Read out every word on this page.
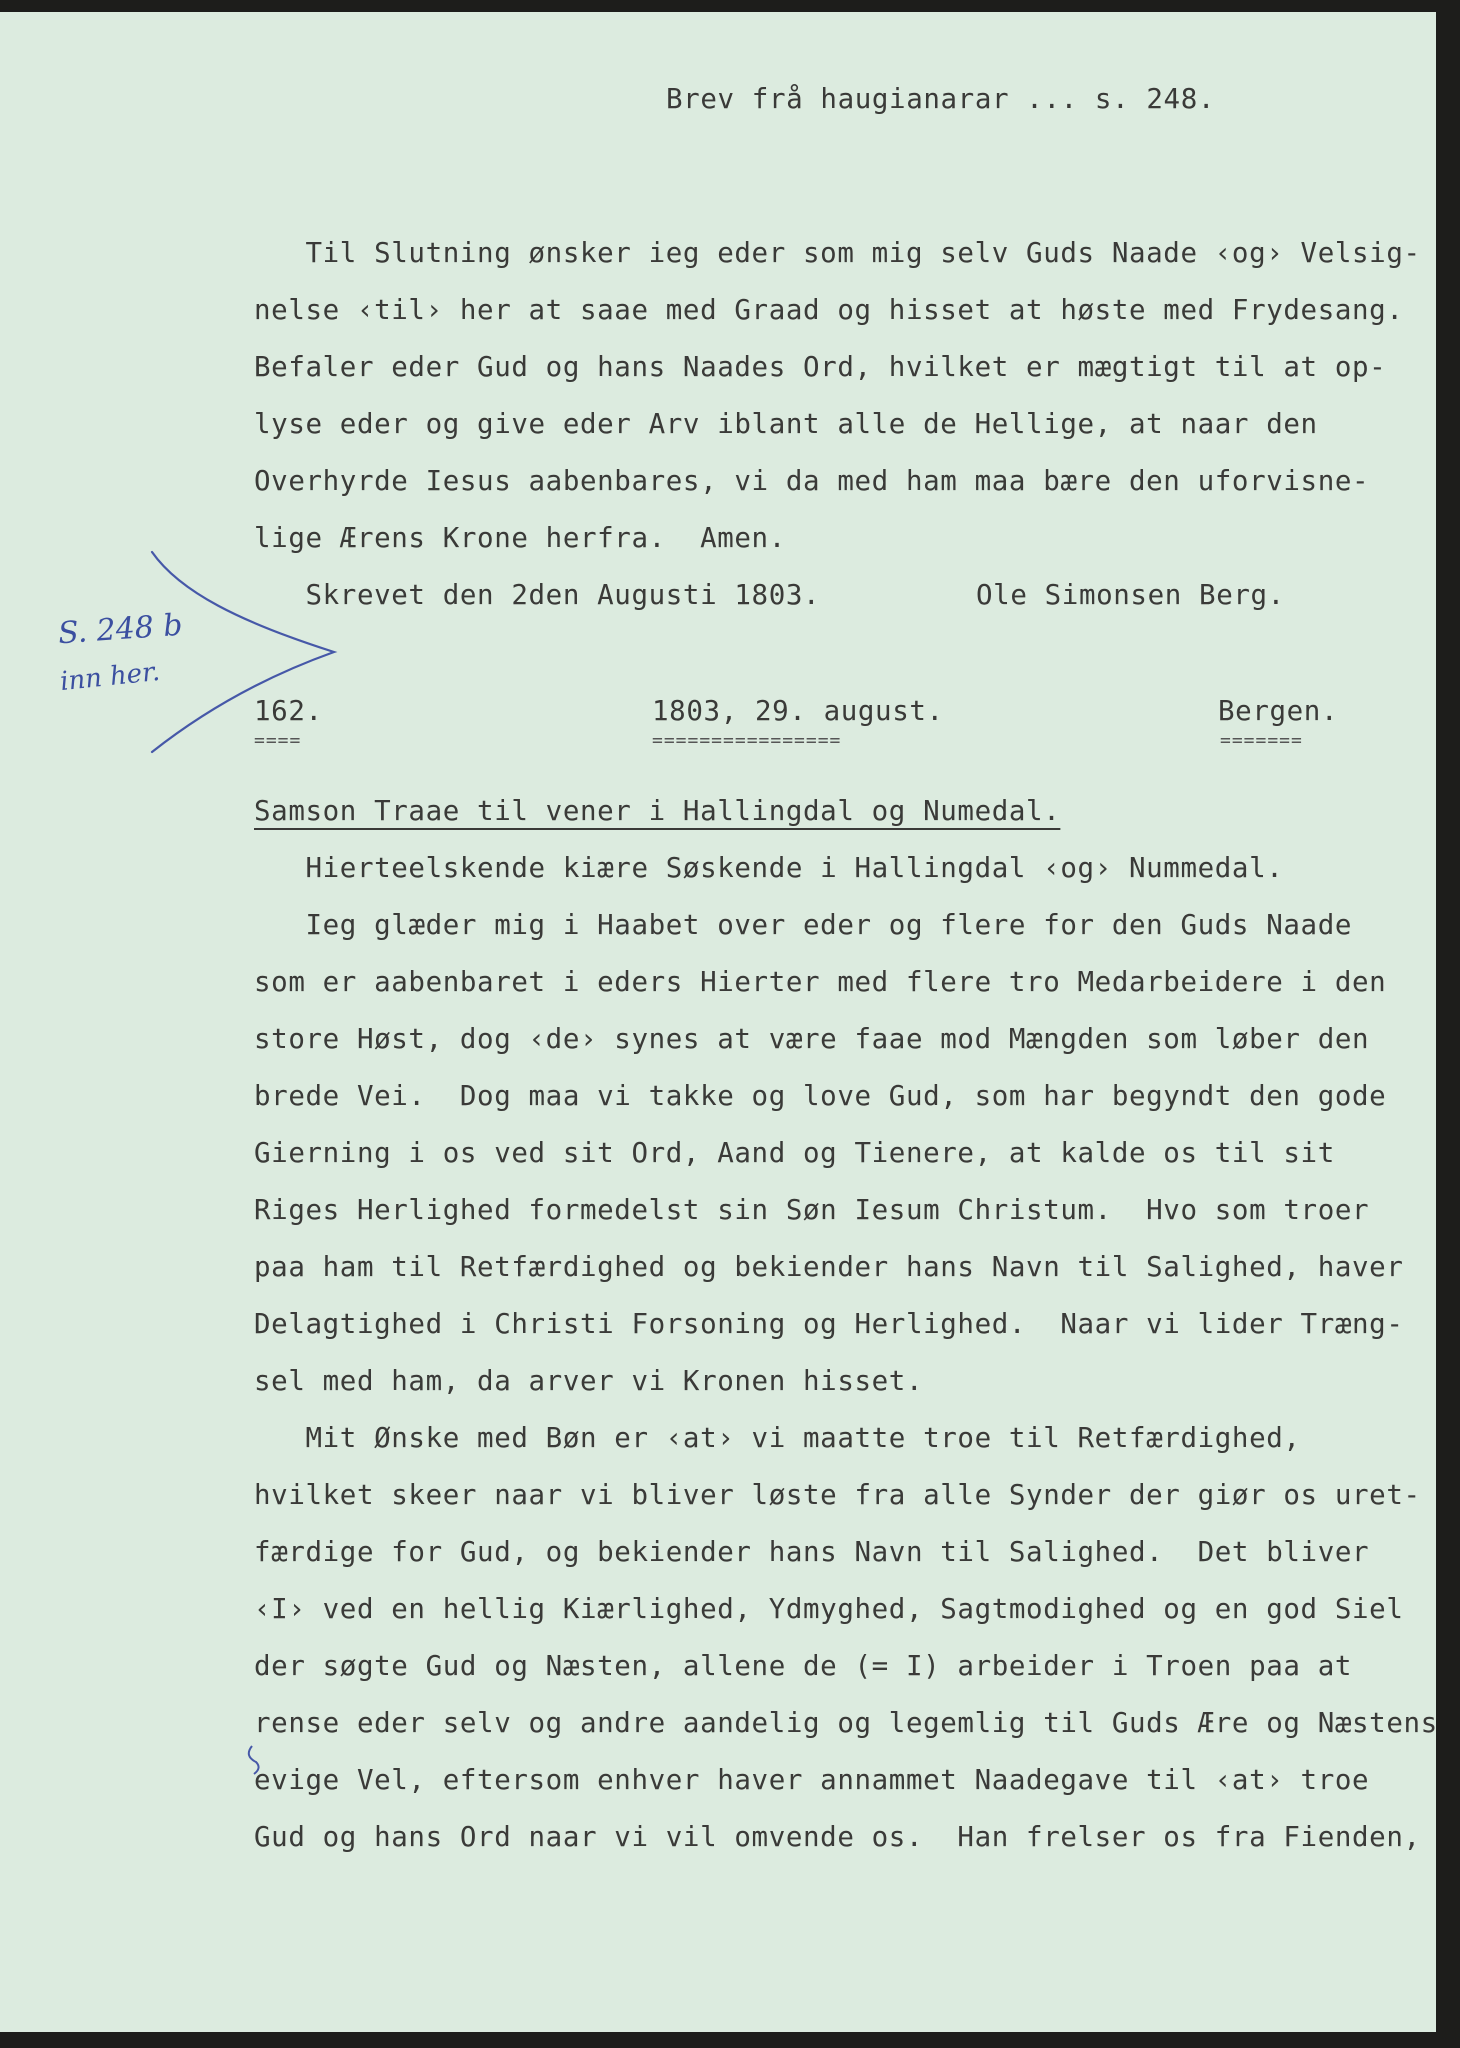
Brev frå haugianarar ... s. 248.
Til Slutning ønsker ieg eder som mig selv Guds Naade ‹og› Velsig-
nelse ‹til› her at saae med Graad og hisset at høste med Frydesang.
Befaler eder Gud og hans Naades Ord, hvilket er mægtigt til at op-
lyse eder og give eder Arv iblant alle de Hellige, at naar den
Overhyrde Iesus aabenbares, vi da med ham maa bære den uforvisne-
lige Ærens Krone herfra.  Amen.
Skrevet den 2den Augusti 1803.	Ole Simonsen Berg.
S. 248 b
inn her.
162.	1803, 29. august.	Bergen.
====	================	=======
Samson Traae til vener i Hallingdal og Numedal.
Hierteelskende kiære Søskende i Hallingdal ‹og› Nummedal.
Ieg glæder mig i Haabet over eder og flere for den Guds Naade
som er aabenbaret i eders Hierter med flere tro Medarbeidere i den
store Høst, dog ‹de› synes at være faae mod Mængden som løber den
brede Vei.  Dog maa vi takke og love Gud, som har begyndt den gode
Gierning i os ved sit Ord, Aand og Tienere, at kalde os til sit
Riges Herlighed formedelst sin Søn Iesum Christum.  Hvo som troer
paa ham til Retfærdighed og bekiender hans Navn til Salighed, haver
Delagtighed i Christi Forsoning og Herlighed.  Naar vi lider Træng-
sel med ham, da arver vi Kronen hisset.
Mit Ønske med Bøn er ‹at› vi maatte troe til Retfærdighed,
hvilket skeer naar vi bliver løste fra alle Synder der giør os uret-
færdige for Gud, og bekiender hans Navn til Salighed.  Det bliver
‹I› ved en hellig Kiærlighed, Ydmyghed, Sagtmodighed og en god Siel
der søgte Gud og Næsten, allene de (= I) arbeider i Troen paa at
rense eder selv og andre aandelig og legemlig til Guds Ære og Næstens
evige Vel, eftersom enhver haver annammet Naadegave til ‹at› troe
Gud og hans Ord naar vi vil omvende os.  Han frelser os fra Fienden,
